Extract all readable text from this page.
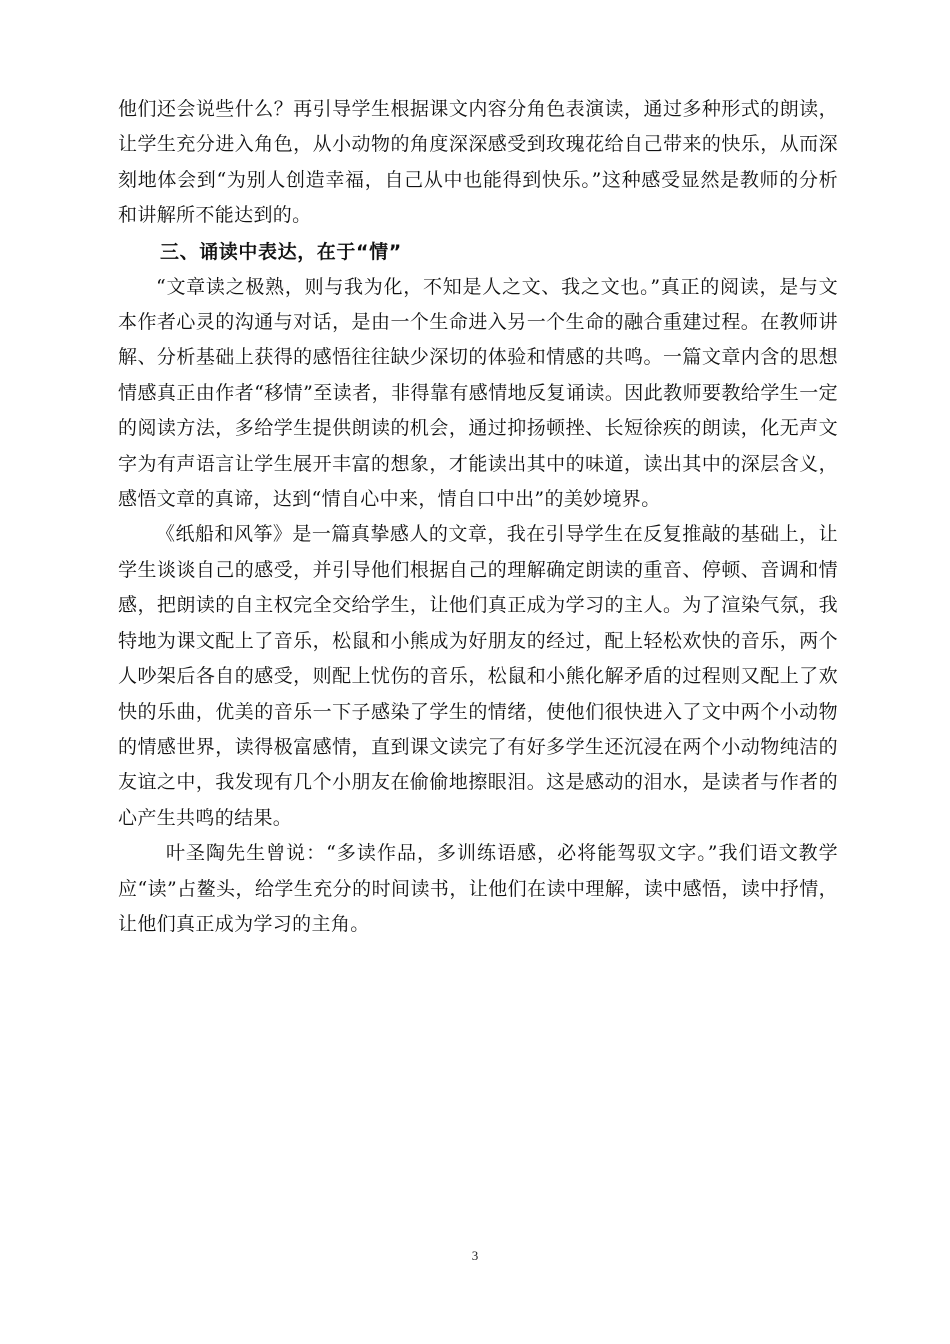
他们还会说些什么？再引导学生根据课文内容分角色表演读，通过多种形式的朗读，让学生充分进入角色，从小动物的角度深深感受到玫瑰花给自己带来的快乐，从而深刻地体会到“为别人创造幸福，自己从中也能得到快乐。”这种感受显然是教师的分析和讲解所不能达到的。

三、诵读中表达，在于“情”

“文章读之极熟，则与我为化，不知是人之文、我之文也。”真正的阅读，是与文本作者心灵的沟通与对话，是由一个生命进入另一个生命的融合重建过程。在教师讲解、分析基础上获得的感悟往往缺少深切的体验和情感的共鸣。一篇文章内含的思想情感真正由作者“移情”至读者，非得靠有感情地反复诵读。因此教师要教给学生一定的阅读方法，多给学生提供朗读的机会，通过抑扬顿挫、长短徐疾的朗读，化无声文字为有声语言让学生展开丰富的想象，才能读出其中的味道，读出其中的深层含义，感悟文章的真谛，达到“情自心中来，情自口中出”的美妙境界。

《纸船和风筝》是一篇真挚感人的文章，我在引导学生在反复推敲的基础上，让学生谈谈自己的感受，并引导他们根据自己的理解确定朗读的重音、停顿、音调和情感，把朗读的自主权完全交给学生，让他们真正成为学习的主人。为了渲染气氛，我特地为课文配上了音乐，松鼠和小熊成为好朋友的经过，配上轻松欢快的音乐，两个人吵架后各自的感受，则配上忧伤的音乐，松鼠和小熊化解矛盾的过程则又配上了欢快的乐曲，优美的音乐一下子感染了学生的情绪，使他们很快进入了文中两个小动物的情感世界，读得极富感情，直到课文读完了有好多学生还沉浸在两个小动物纯洁的友谊之中，我发现有几个小朋友在偷偷地擦眼泪。这是感动的泪水，是读者与作者的心产生共鸣的结果。

叶圣陶先生曾说：“多读作品，多训练语感，必将能驾驭文字。”我们语文教学应“读”占鳌头，给学生充分的时间读书，让他们在读中理解，读中感悟，读中抒情，让他们真正成为学习的主角。

3
